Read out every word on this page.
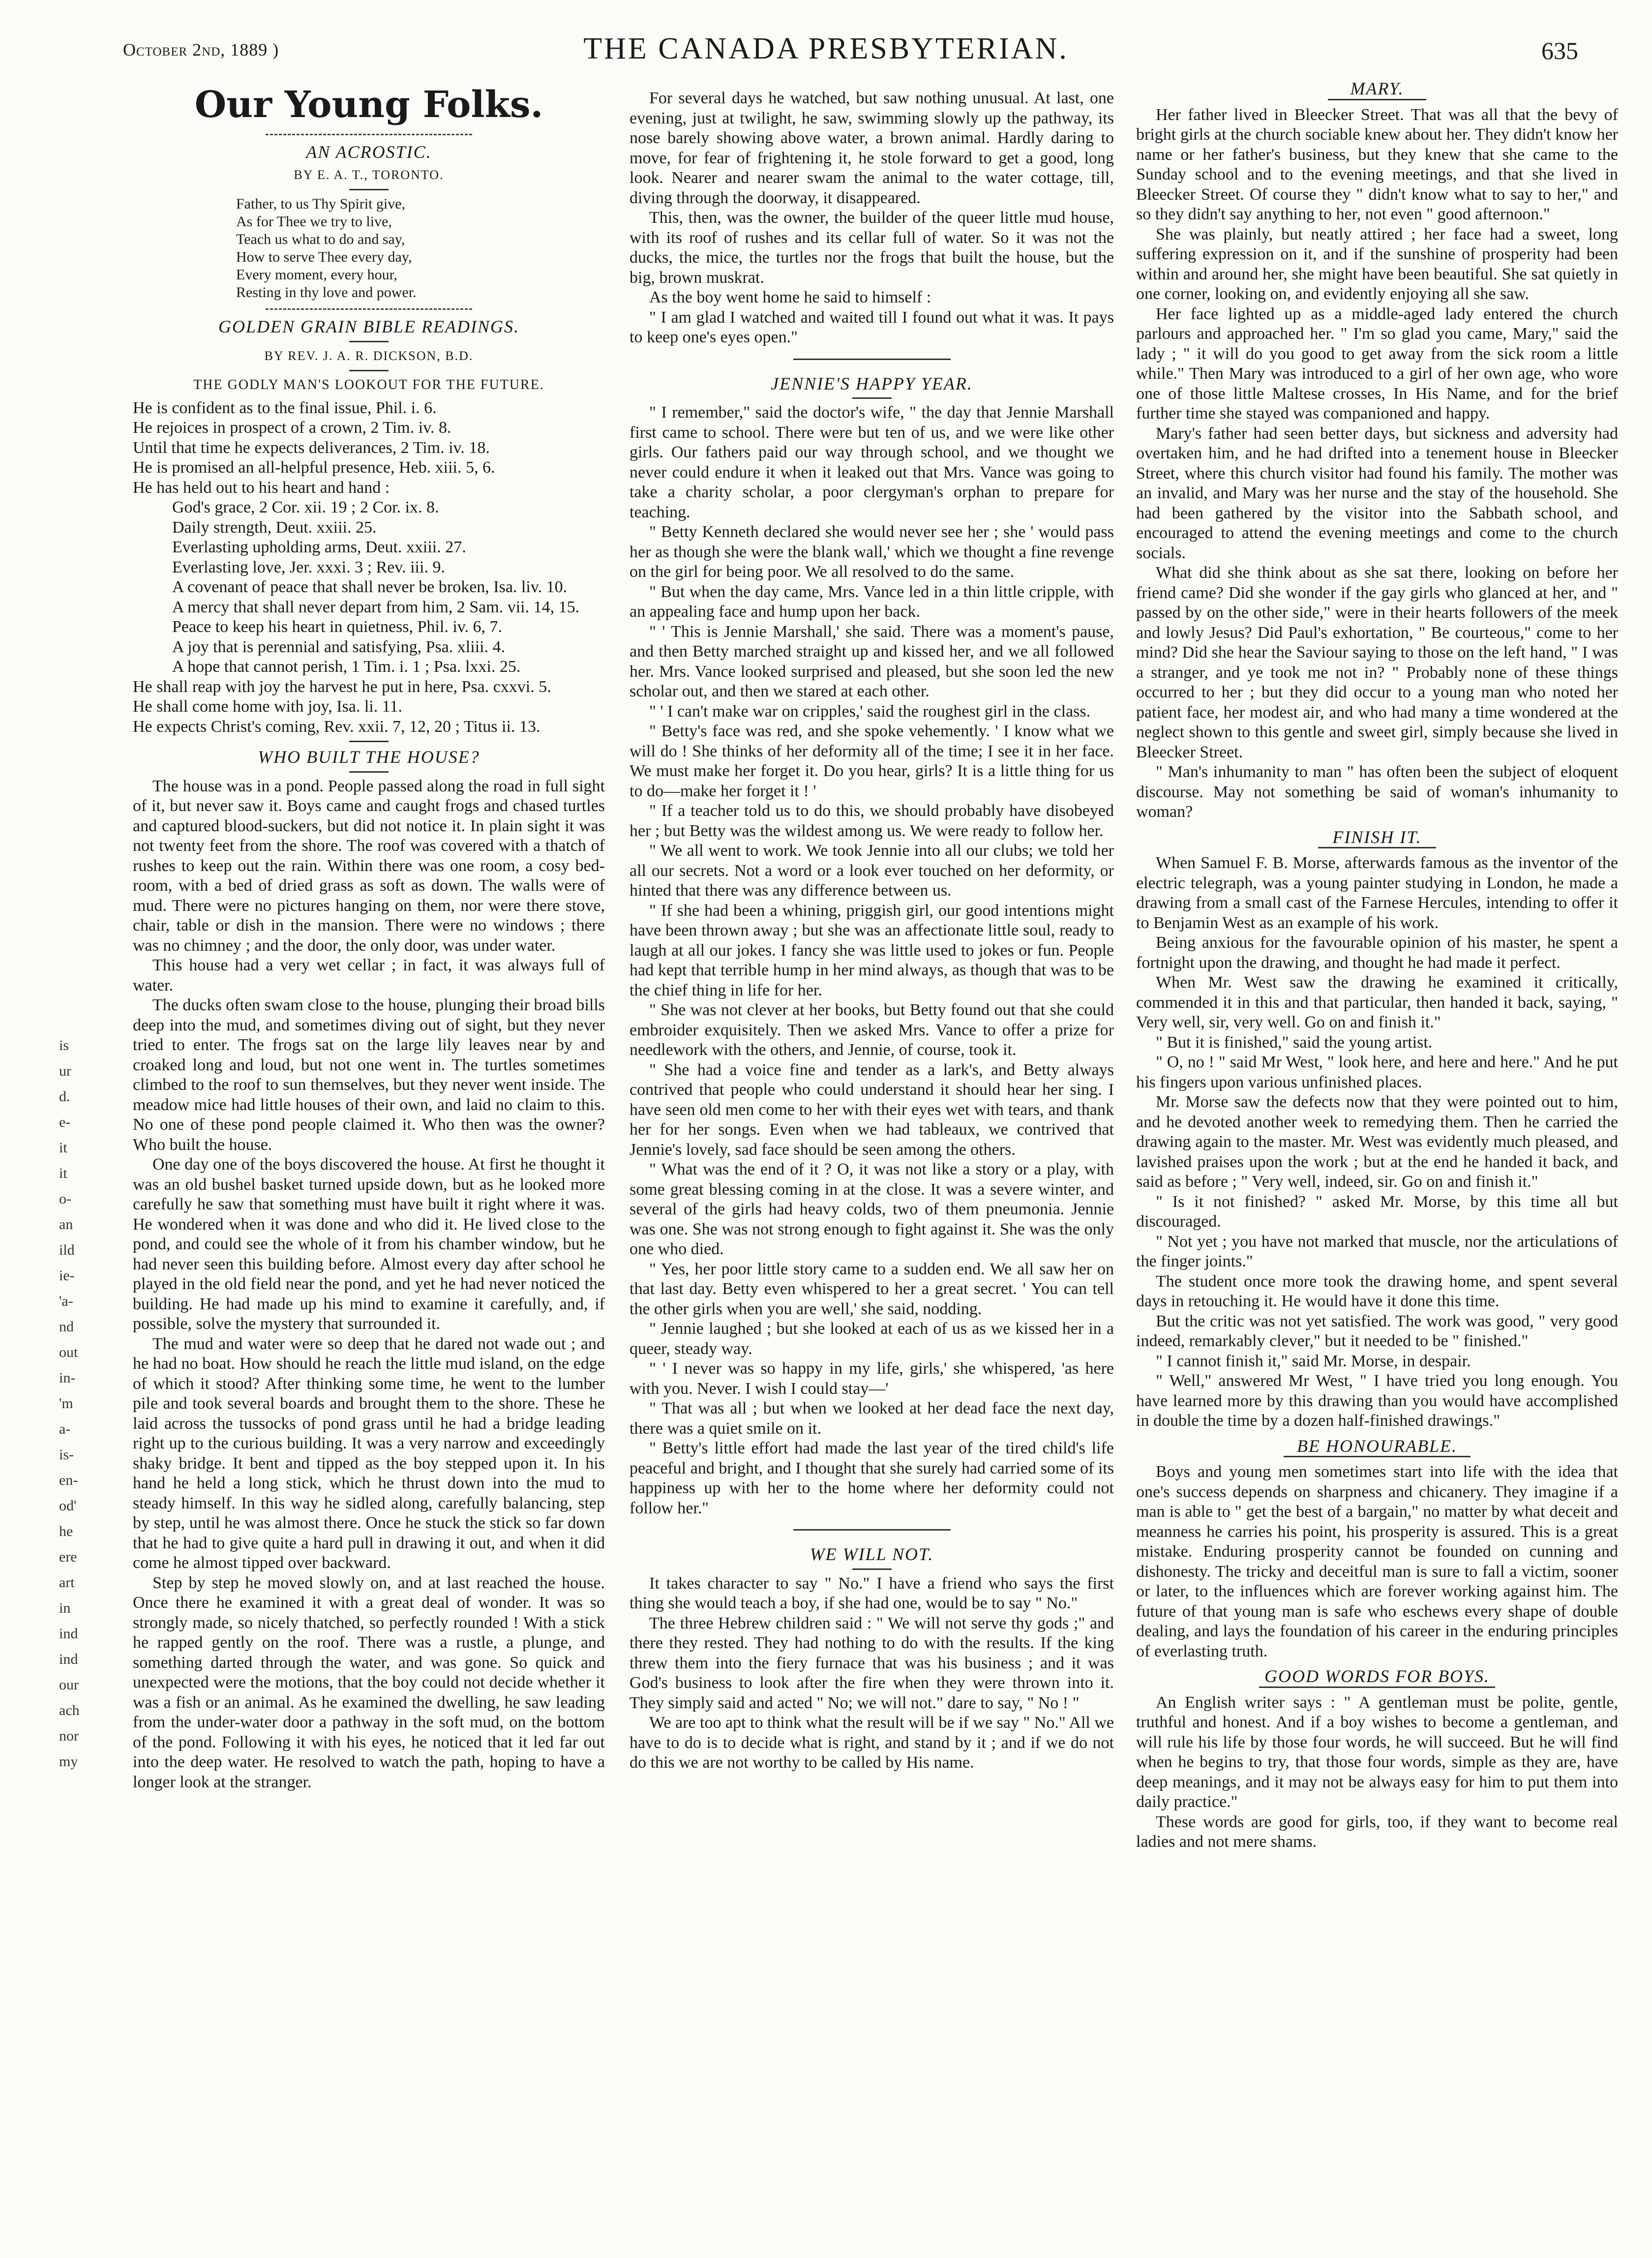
October 2nd, 1889 )	THE CANADA PRESBYTERIAN.	635
is
ur
d.
e-
it
it
o-
an
ild
ie-
'a-
nd
out
in-
'm
a-
is-
en-
od'
he
ere
art
in
ind
ind
our
ach
nor
my
Our Young Folks.
AN ACROSTIC.
BY E. A. T., TORONTO.
Father, to us Thy Spirit give,
As for Thee we try to live,
Teach us what to do and say,
How to serve Thee every day,
Every moment, every hour,
Resting in thy love and power.
GOLDEN GRAIN BIBLE READINGS.
BY REV. J. A. R. DICKSON, B.D.
THE GODLY MAN'S LOOKOUT FOR THE FUTURE.

He is confident as to the final issue, Phil. i. 6.

He rejoices in prospect of a crown, 2 Tim. iv. 8.

Until that time he expects deliverances, 2 Tim. iv. 18.

He is promised an all-helpful presence, Heb. xiii. 5, 6.

He has held out to his heart and hand :

God's grace, 2 Cor. xii. 19 ; 2 Cor. ix. 8.

Daily strength, Deut. xxiii. 25.

Everlasting upholding arms, Deut. xxiii. 27.

Everlasting love, Jer. xxxi. 3 ; Rev. iii. 9.

A covenant of peace that shall never be broken, Isa. liv. 10.

A mercy that shall never depart from him, 2 Sam. vii. 14, 15.

Peace to keep his heart in quietness, Phil. iv. 6, 7.

A joy that is perennial and satisfying, Psa. xliii. 4.

A hope that cannot perish, 1 Tim. i. 1 ; Psa. lxxi. 25.

He shall reap with joy the harvest he put in here, Psa. cxxvi. 5.

He shall come home with joy, Isa. li. 11.

He expects Christ's coming, Rev. xxii. 7, 12, 20 ; Titus ii. 13.

WHO BUILT THE HOUSE?

The house was in a pond. People passed along the road in full sight of it, but never saw it. Boys came and caught frogs and chased turtles and captured blood-suckers, but did not notice it. In plain sight it was not twenty feet from the shore. The roof was covered with a thatch of rushes to keep out the rain. Within there was one room, a cosy bed-room, with a bed of dried grass as soft as down. The walls were of mud. There were no pictures hanging on them, nor were there stove, chair, table or dish in the mansion. There were no windows ; there was no chimney ; and the door, the only door, was under water.

This house had a very wet cellar ; in fact, it was always full of water.

The ducks often swam close to the house, plunging their broad bills deep into the mud, and sometimes diving out of sight, but they never tried to enter. The frogs sat on the large lily leaves near by and croaked long and loud, but not one went in. The turtles sometimes climbed to the roof to sun themselves, but they never went inside. The meadow mice had little houses of their own, and laid no claim to this. No one of these pond people claimed it. Who then was the owner? Who built the house.

One day one of the boys discovered the house. At first he thought it was an old bushel basket turned upside down, but as he looked more carefully he saw that something must have built it right where it was. He wondered when it was done and who did it. He lived close to the pond, and could see the whole of it from his chamber window, but he had never seen this building before. Almost every day after school he played in the old field near the pond, and yet he had never noticed the building. He had made up his mind to examine it carefully, and, if possible, solve the mystery that surrounded it.

The mud and water were so deep that he dared not wade out ; and he had no boat. How should he reach the little mud island, on the edge of which it stood? After thinking some time, he went to the lumber pile and took several boards and brought them to the shore. These he laid across the tussocks of pond grass until he had a bridge leading right up to the curious building. It was a very narrow and exceedingly shaky bridge. It bent and tipped as the boy stepped upon it. In his hand he held a long stick, which he thrust down into the mud to steady himself. In this way he sidled along, carefully balancing, step by step, until he was almost there. Once he stuck the stick so far down that he had to give quite a hard pull in drawing it out, and when it did come he almost tipped over backward.

Step by step he moved slowly on, and at last reached the house. Once there he examined it with a great deal of wonder. It was so strongly made, so nicely thatched, so perfectly rounded ! With a stick he rapped gently on the roof. There was a rustle, a plunge, and something darted through the water, and was gone. So quick and unexpected were the motions, that the boy could not decide whether it was a fish or an animal. As he examined the dwelling, he saw leading from the under-water door a pathway in the soft mud, on the bottom of the pond. Following it with his eyes, he noticed that it led far out into the deep water. He resolved to watch the path, hoping to have a longer look at the stranger.

For several days he watched, but saw nothing unusual. At last, one evening, just at twilight, he saw, swimming slowly up the pathway, its nose barely showing above water, a brown animal. Hardly daring to move, for fear of frightening it, he stole forward to get a good, long look. Nearer and nearer swam the animal to the water cottage, till, diving through the doorway, it disappeared.

This, then, was the owner, the builder of the queer little mud house, with its roof of rushes and its cellar full of water. So it was not the ducks, the mice, the turtles nor the frogs that built the house, but the big, brown muskrat.

As the boy went home he said to himself :

" I am glad I watched and waited till I found out what it was. It pays to keep one's eyes open."

JENNIE'S HAPPY YEAR.

" I remember," said the doctor's wife, " the day that Jennie Marshall first came to school. There were but ten of us, and we were like other girls. Our fathers paid our way through school, and we thought we never could endure it when it leaked out that Mrs. Vance was going to take a charity scholar, a poor clergyman's orphan to prepare for teaching.

" Betty Kenneth declared she would never see her ; she ' would pass her as though she were the blank wall,' which we thought a fine revenge on the girl for being poor. We all resolved to do the same.

" But when the day came, Mrs. Vance led in a thin little cripple, with an appealing face and hump upon her back.

" ' This is Jennie Marshall,' she said. There was a moment's pause, and then Betty marched straight up and kissed her, and we all followed her. Mrs. Vance looked surprised and pleased, but she soon led the new scholar out, and then we stared at each other.

" ' I can't make war on cripples,' said the roughest girl in the class.

" Betty's face was red, and she spoke vehemently. ' I know what we will do ! She thinks of her deformity all of the time; I see it in her face. We must make her forget it. Do you hear, girls? It is a little thing for us to do—make her forget it ! '

" If a teacher told us to do this, we should probably have disobeyed her ; but Betty was the wildest among us. We were ready to follow her.

" We all went to work. We took Jennie into all our clubs; we told her all our secrets. Not a word or a look ever touched on her deformity, or hinted that there was any difference between us.

" If she had been a whining, priggish girl, our good intentions might have been thrown away ; but she was an affectionate little soul, ready to laugh at all our jokes. I fancy she was little used to jokes or fun. People had kept that terrible hump in her mind always, as though that was to be the chief thing in life for her.

" She was not clever at her books, but Betty found out that she could embroider exquisitely. Then we asked Mrs. Vance to offer a prize for needlework with the others, and Jennie, of course, took it.

" She had a voice fine and tender as a lark's, and Betty always contrived that people who could understand it should hear her sing. I have seen old men come to her with their eyes wet with tears, and thank her for her songs. Even when we had tableaux, we contrived that Jennie's lovely, sad face should be seen among the others.

" What was the end of it ? O, it was not like a story or a play, with some great blessing coming in at the close. It was a severe winter, and several of the girls had heavy colds, two of them pneumonia. Jennie was one. She was not strong enough to fight against it. She was the only one who died.

" Yes, her poor little story came to a sudden end. We all saw her on that last day. Betty even whispered to her a great secret. ' You can tell the other girls when you are well,' she said, nodding.

" Jennie laughed ; but she looked at each of us as we kissed her in a queer, steady way.

" ' I never was so happy in my life, girls,' she whispered, 'as here with you. Never. I wish I could stay—'

" That was all ; but when we looked at her dead face the next day, there was a quiet smile on it.

" Betty's little effort had made the last year of the tired child's life peaceful and bright, and I thought that she surely had carried some of its happiness up with her to the home where her deformity could not follow her."

WE WILL NOT.

It takes character to say " No." I have a friend who says the first thing she would teach a boy, if she had one, would be to say " No."

The three Hebrew children said : " We will not serve thy gods ;" and there they rested. They had nothing to do with the results. If the king threw them into the fiery furnace that was his business ; and it was God's business to look after the fire when they were thrown into it. They simply said and acted " No; we will not." dare to say, " No ! "

We are too apt to think what the result will be if we say " No." All we have to do is to decide what is right, and stand by it ; and if we do not do this we are not worthy to be called by His name.

MARY.

Her father lived in Bleecker Street. That was all that the bevy of bright girls at the church sociable knew about her. They didn't know her name or her father's business, but they knew that she came to the Sunday school and to the evening meetings, and that she lived in Bleecker Street. Of course they " didn't know what to say to her," and so they didn't say anything to her, not even " good afternoon."

She was plainly, but neatly attired ; her face had a sweet, long suffering expression on it, and if the sunshine of prosperity had been within and around her, she might have been beautiful. She sat quietly in one corner, looking on, and evidently enjoying all she saw.

Her face lighted up as a middle-aged lady entered the church parlours and approached her. " I'm so glad you came, Mary," said the lady ; " it will do you good to get away from the sick room a little while." Then Mary was introduced to a girl of her own age, who wore one of those little Maltese crosses, In His Name, and for the brief further time she stayed was companioned and happy.

Mary's father had seen better days, but sickness and adversity had overtaken him, and he had drifted into a tenement house in Bleecker Street, where this church visitor had found his family. The mother was an invalid, and Mary was her nurse and the stay of the household. She had been gathered by the visitor into the Sabbath school, and encouraged to attend the evening meetings and come to the church socials.

What did she think about as she sat there, looking on before her friend came? Did she wonder if the gay girls who glanced at her, and " passed by on the other side," were in their hearts followers of the meek and lowly Jesus? Did Paul's exhortation, " Be courteous," come to her mind? Did she hear the Saviour saying to those on the left hand, " I was a stranger, and ye took me not in? " Probably none of these things occurred to her ; but they did occur to a young man who noted her patient face, her modest air, and who had many a time wondered at the neglect shown to this gentle and sweet girl, simply because she lived in Bleecker Street.

" Man's inhumanity to man " has often been the subject of eloquent discourse. May not something be said of woman's inhumanity to woman?

FINISH IT.

When Samuel F. B. Morse, afterwards famous as the inventor of the electric telegraph, was a young painter studying in London, he made a drawing from a small cast of the Farnese Hercules, intending to offer it to Benjamin West as an example of his work.

Being anxious for the favourable opinion of his master, he spent a fortnight upon the drawing, and thought he had made it perfect.

When Mr. West saw the drawing he examined it critically, commended it in this and that particular, then handed it back, saying, " Very well, sir, very well. Go on and finish it."

" But it is finished," said the young artist.

" O, no ! " said Mr West, " look here, and here and here." And he put his fingers upon various unfinished places.

Mr. Morse saw the defects now that they were pointed out to him, and he devoted another week to remedying them. Then he carried the drawing again to the master. Mr. West was evidently much pleased, and lavished praises upon the work ; but at the end he handed it back, and said as before ; " Very well, indeed, sir. Go on and finish it."

" Is it not finished? " asked Mr. Morse, by this time all but discouraged.

" Not yet ; you have not marked that muscle, nor the articulations of the finger joints."

The student once more took the drawing home, and spent several days in retouching it. He would have it done this time.

But the critic was not yet satisfied. The work was good, " very good indeed, remarkably clever," but it needed to be " finished."

" I cannot finish it," said Mr. Morse, in despair.

" Well," answered Mr West, " I have tried you long enough. You have learned more by this drawing than you would have accomplished in double the time by a dozen half-finished drawings."

BE HONOURABLE.

Boys and young men sometimes start into life with the idea that one's success depends on sharpness and chicanery. They imagine if a man is able to " get the best of a bargain," no matter by what deceit and meanness he carries his point, his prosperity is assured. This is a great mistake. Enduring prosperity cannot be founded on cunning and dishonesty. The tricky and deceitful man is sure to fall a victim, sooner or later, to the influences which are forever working against him. The future of that young man is safe who eschews every shape of double dealing, and lays the foundation of his career in the enduring principles of everlasting truth.

GOOD WORDS FOR BOYS.

An English writer says : " A gentleman must be polite, gentle, truthful and honest. And if a boy wishes to become a gentleman, and will rule his life by those four words, he will succeed. But he will find when he begins to try, that those four words, simple as they are, have deep meanings, and it may not be always easy for him to put them into daily practice."

These words are good for girls, too, if they want to become real ladies and not mere shams.
